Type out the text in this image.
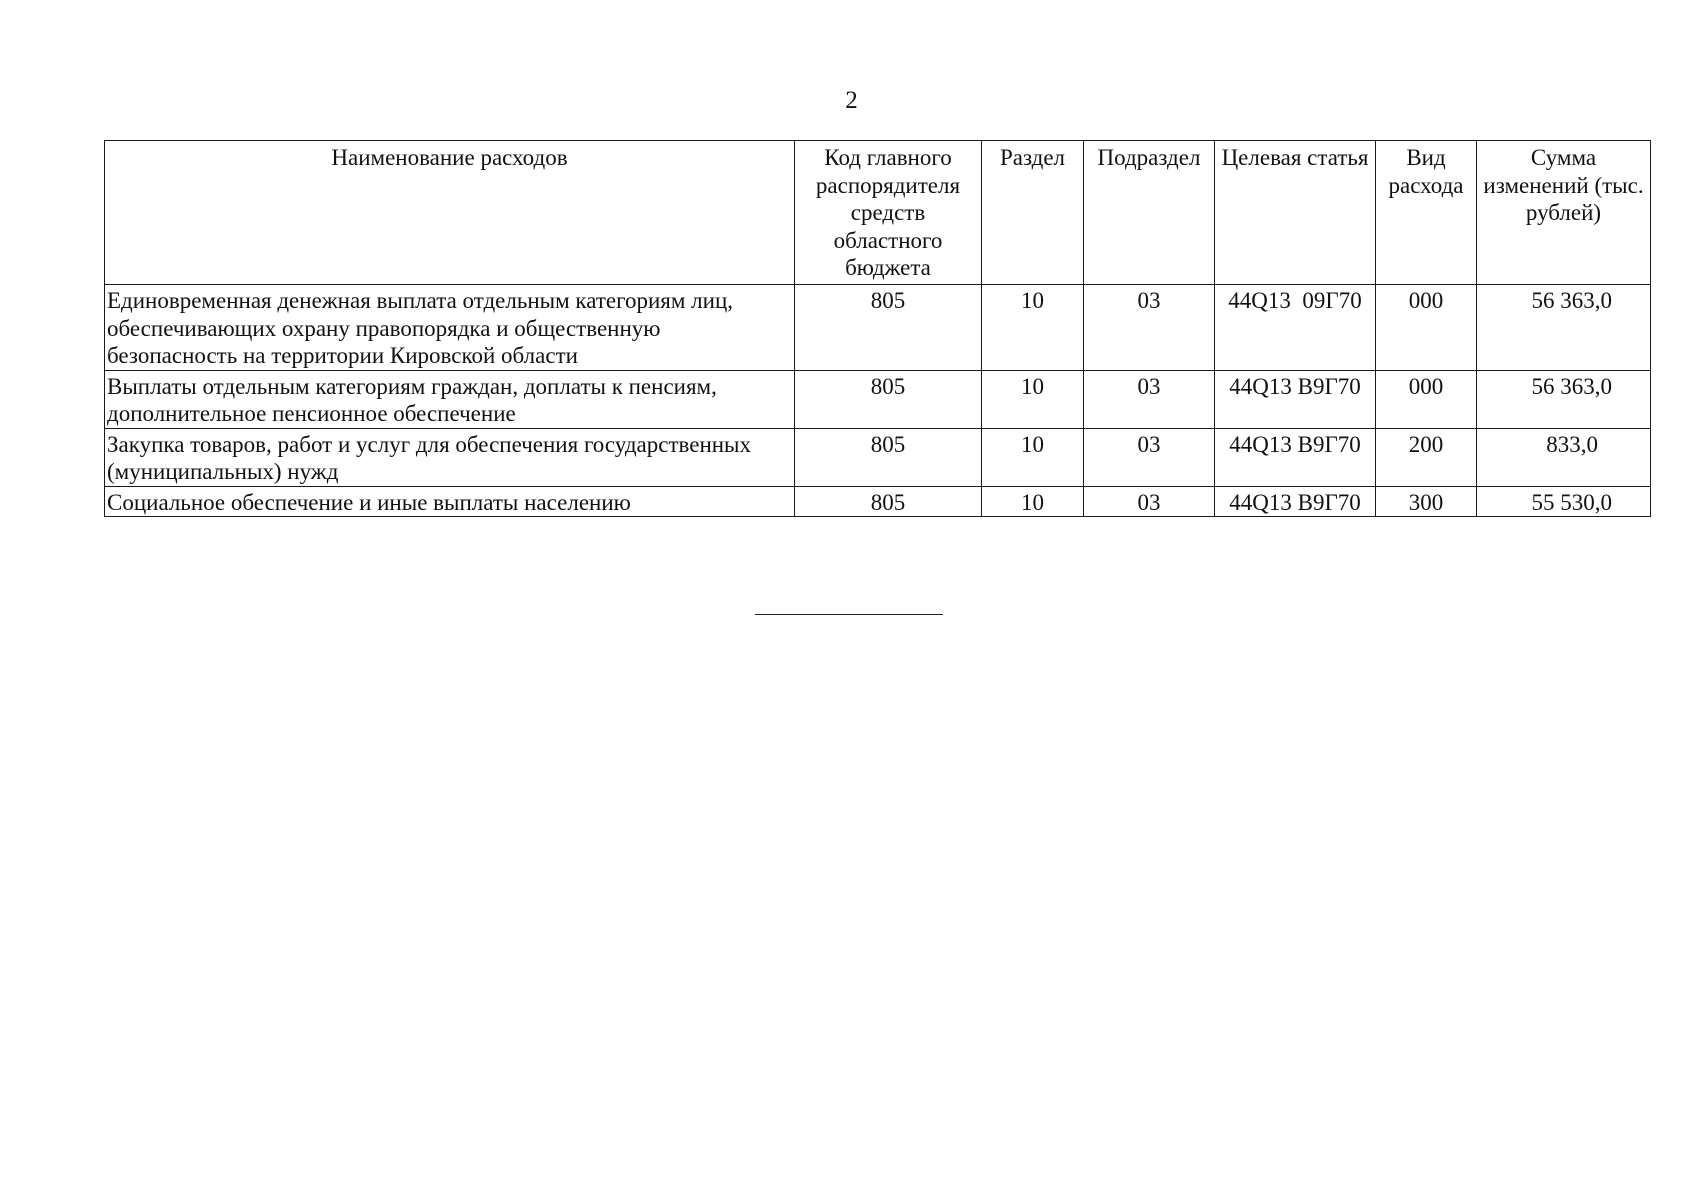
2
Наименование расходов	Код главного распорядителя средств областного бюджета	Раздел	Подраздел	Целевая статья	Вид расхода	Сумма изменений (тыс. рублей)
Единовременная денежная выплата отдельным категориям лиц, обеспечивающих охрану правопорядка и общественную безопасность на территории Кировской области	805	10	03	44Q13  09Г70	000	56 363,0
Выплаты отдельным категориям граждан, доплаты к пенсиям, дополнительное пенсионное обеспечение	805	10	03	44Q13 В9Г70	000	56 363,0
Закупка товаров, работ и услуг для обеспечения государственных (муниципальных) нужд	805	10	03	44Q13 В9Г70	200	833,0
Социальное обеспечение и иные выплаты населению	805	10	03	44Q13 В9Г70	300	55 530,0
